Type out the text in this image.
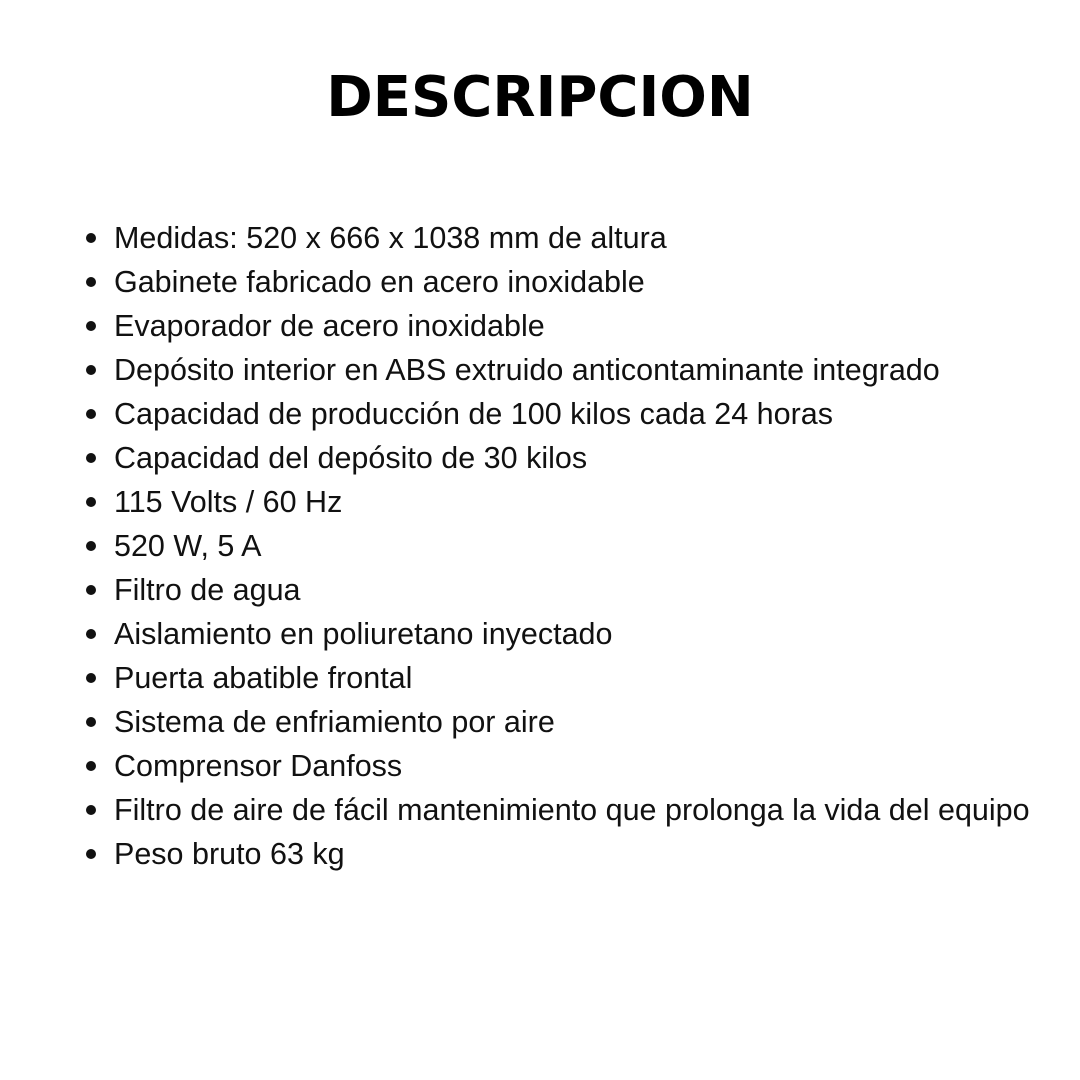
DESCRIPCION
Medidas: 520 x 666 x 1038 mm de altura
Gabinete fabricado en acero inoxidable
Evaporador de acero inoxidable
Depósito interior en ABS extruido anticontaminante integrado
Capacidad de producción de 100 kilos cada 24 horas
Capacidad del depósito de 30 kilos
115 Volts / 60 Hz
520 W, 5 A
Filtro de agua
Aislamiento en poliuretano inyectado
Puerta abatible frontal
Sistema de enfriamiento por aire
Comprensor Danfoss
Filtro de aire de fácil mantenimiento que prolonga la vida del equipo
Peso bruto 63 kg
